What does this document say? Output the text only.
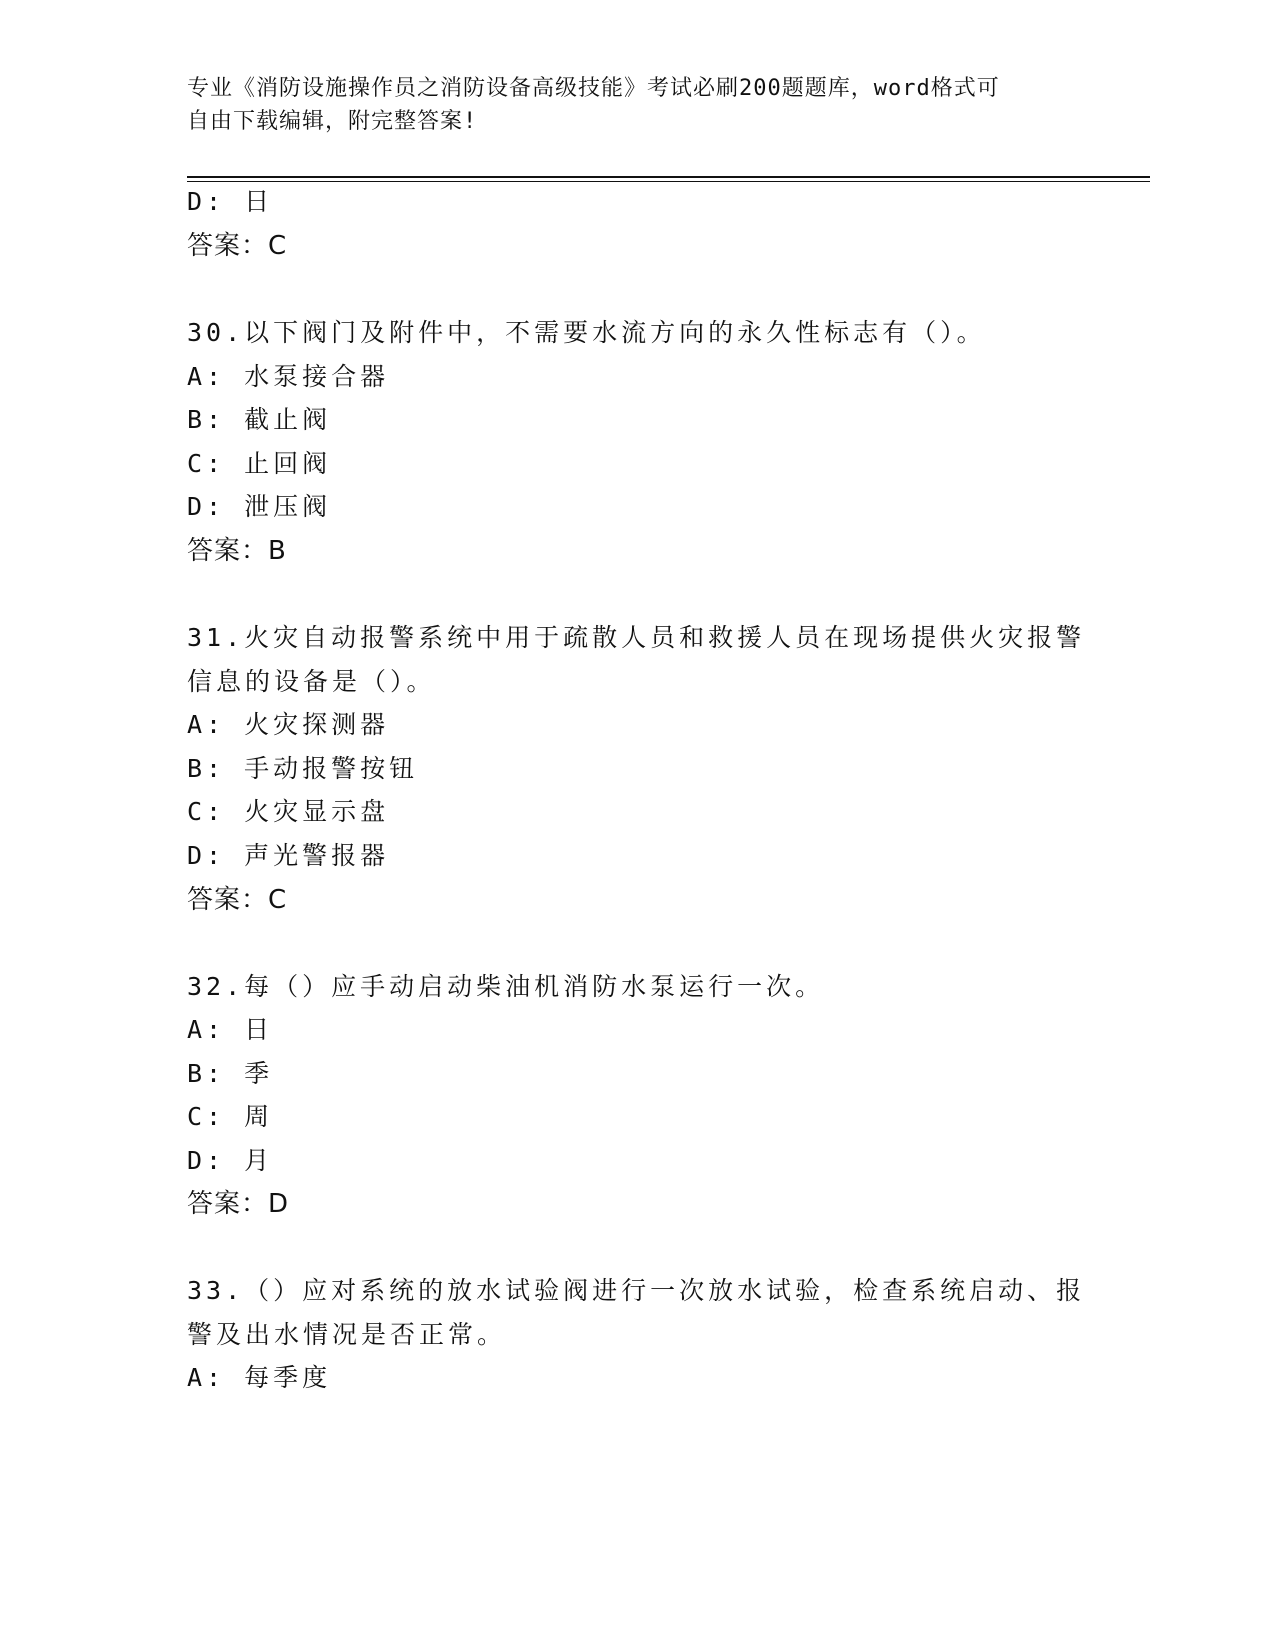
专业《消防设施操作员之消防设备高级技能》考试必刷200题题库，word格式可
自由下载编辑，附完整答案!
D: 日
答案：C
30.以下阀门及附件中，不需要水流方向的永久性标志有（）。
A: 水泵接合器
B: 截止阀
C: 止回阀
D: 泄压阀
答案：B
31.火灾自动报警系统中用于疏散人员和救援人员在现场提供火灾报警
信息的设备是（）。
A: 火灾探测器
B: 手动报警按钮
C: 火灾显示盘
D: 声光警报器
答案：C
32.每（）应手动启动柴油机消防水泵运行一次。
A: 日
B: 季
C: 周
D: 月
答案：D
33.（）应对系统的放水试验阀进行一次放水试验，检查系统启动、报
警及出水情况是否正常。
A: 每季度
